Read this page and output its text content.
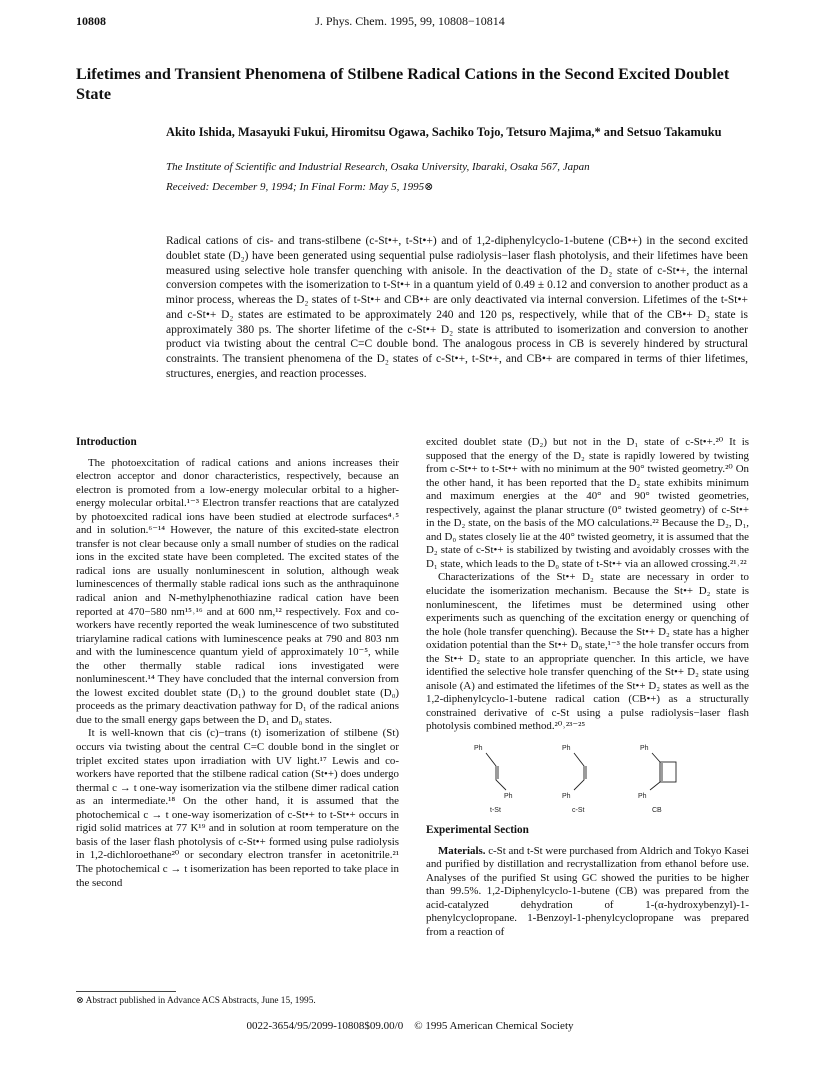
10808	J. Phys. Chem. 1995, 99, 10808−10814
Lifetimes and Transient Phenomena of Stilbene Radical Cations in the Second Excited Doublet State
Akito Ishida, Masayuki Fukui, Hiromitsu Ogawa, Sachiko Tojo, Tetsuro Majima,* and Setsuo Takamuku
The Institute of Scientific and Industrial Research, Osaka University, Ibaraki, Osaka 567, Japan
Received: December 9, 1994; In Final Form: May 5, 1995⊗
Radical cations of cis- and trans-stilbene (c-St•+, t-St•+) and of 1,2-diphenylcyclo-1-butene (CB•+) in the second excited doublet state (D₂) have been generated using sequential pulse radiolysis−laser flash photolysis, and their lifetimes have been measured using selective hole transfer quenching with anisole. In the deactivation of the D₂ state of c-St•+, the internal conversion competes with the isomerization to t-St•+ in a quantum yield of 0.49 ± 0.12 and conversion to another product as a minor process, whereas the D₂ states of t-St•+ and CB•+ are only deactivated via internal conversion. Lifetimes of the t-St•+ and c-St•+ D₂ states are estimated to be approximately 240 and 120 ps, respectively, while that of the CB•+ D₂ state is approximately 380 ps. The shorter lifetime of the c-St•+ D₂ state is attributed to isomerization and conversion to another product via twisting about the central C=C double bond. The analogous process in CB is severely hindered by structural constraints. The transient phenomena of the D₂ states of c-St•+, t-St•+, and CB•+ are compared in terms of thier lifetimes, structures, energies, and reaction processes.
Introduction

The photoexcitation of radical cations and anions increases their electron acceptor and donor characteristics, respectively, because an electron is promoted from a low-energy molecular orbital to a higher-energy molecular orbital.¹⁻³ Electron transfer reactions that are catalyzed by photoexcited radical ions have been studied at electrode surfaces⁴˒⁵ and in solution.⁶⁻¹⁴ However, the nature of this excited-state electron transfer is not clear because only a small number of studies on the radical ions in the excited state have been completed. The excited states of the radical ions are usually nonluminescent in solution, although weak luminescences of thermally stable radical ions such as the anthraquinone radical anion and N-methylphenothiazine radical cation have been reported at 470−580 nm¹⁵˒¹⁶ and at 600 nm,¹² respectively. Fox and co-workers have recently reported the weak luminescence of two substituted triarylamine radical cations with luminescence peaks at 790 and 803 nm and with the luminescence quantum yield of approximately 10⁻⁵, while the other thermally stable radical ions investigated were nonluminescent.¹⁴ They have concluded that the internal conversion from the lowest excited doublet state (D₁) to the ground doublet state (D₀) proceeds as the primary deactivation pathway for D₁ of the radical anions due to the small energy gaps between the D₁ and D₀ states.

It is well-known that cis (c)−trans (t) isomerization of stilbene (St) occurs via twisting about the central C=C double bond in the singlet or triplet excited states upon irradiation with UV light.¹⁷ Lewis and co-workers have reported that the stilbene radical cation (St•+) does undergo thermal c → t one-way isomerization via the stilbene dimer radical cation as an intermediate.¹⁸ On the other hand, it is assumed that the photochemical c → t one-way isomerization of c-St•+ to t-St•+ occurs in rigid solid matrices at 77 K¹⁹ and in solution at room temperature on the basis of the laser flash photolysis of c-St•+ formed using pulse radiolysis in 1,2-dichloroethane²⁰ or secondary electron transfer in acetonitrile.²¹ The photochemical c → t isomerization has been reported to take place in the second

excited doublet state (D₂) but not in the D₁ state of c-St•+.²⁰ It is supposed that the energy of the D₂ state is rapidly lowered by twisting from c-St•+ to t-St•+ with no minimum at the 90° twisted geometry.²⁰ On the other hand, it has been reported that the D₂ state exhibits minimum and maximum energies at the 40° and 90° twisted geometries, respectively, against the planar structure (0° twisted geometry) of c-St•+ in the D₂ state, on the basis of the MO calculations.²² Because the D₂, D₁, and D₀ states closely lie at the 40° twisted geometry, it is assumed that the D₂ state of c-St•+ is stabilized by twisting and avoidably crosses with the D₁ state, which leads to the D₀ state of t-St•+ via an allowed crossing.²¹˒²²

Characterizations of the St•+ D₂ state are necessary in order to elucidate the isomerization mechanism. Because the St•+ D₂ state is nonluminescent, the lifetimes must be determined using other experiments such as quenching of the excitation energy or quenching of the hole (hole transfer quenching). Because the St•+ D₂ state has a higher oxidation potential than the St•+ D₀ state,¹⁻³ the hole transfer occurs from the St•+ D₂ state to an appropriate quencher. In this article, we have identified the selective hole transfer quenching of the St•+ D₂ state using anisole (A) and estimated the lifetimes of the St•+ D₂ states as well as the 1,2-diphenylcyclo-1-butene radical cation (CB•+) as a structurally constrained derivative of c-St using a pulse radiolysis−laser flash photolysis combined method.²⁰˒²³⁻²⁵

Ph
Ph
t-St
Ph
Ph
c-St
Ph
Ph
CB
Experimental Section

Materials. c-St and t-St were purchased from Aldrich and Tokyo Kasei and purified by distillation and recrystallization from ethanol before use. Analyses of the purified St using GC showed the purities to be higher than 99.5%. 1,2-Diphenylcyclo-1-butene (CB) was prepared from the acid-catalyzed dehydration of 1-(α-hydroxybenzyl)-1-phenylcyclopropane. 1-Benzoyl-1-phenylcyclopropane was prepared from a reaction of

⊗ Abstract published in Advance ACS Abstracts, June 15, 1995.
0022-3654/95/2099-10808$09.00/0 © 1995 American Chemical Society
